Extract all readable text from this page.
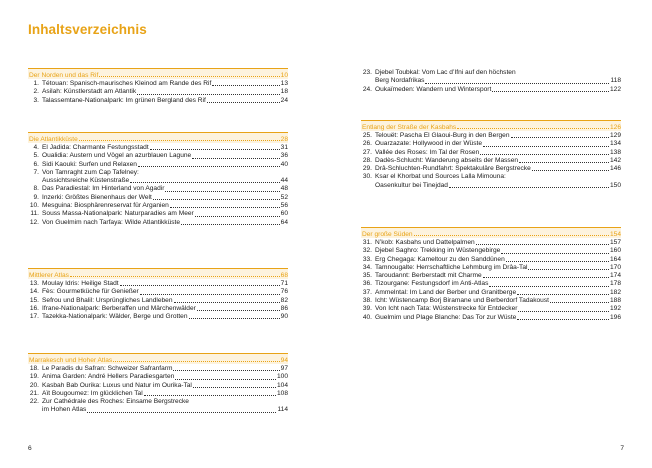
Inhaltsverzeichnis
Der Norden und das Rif	10
1. Tétouan: Spanisch-maurisches Kleinod am Rande des Rif	13
2. Asilah: Künstlerstadt am Atlantik	18
3. Talassemtane-Nationalpark: Im grünen Bergland des Rif	24
Die Atlantikküste	28
4. El Jadida: Charmante Festungsstadt	31
5. Oualidia: Austern und Vögel an azurblauen Lagune	36
6. Sidi Kaouki: Surfen und Relaxen	40
7. Von Tamraght zum Cap Tafelney:
Aussichtsreiche Küstenstraße	44
8. Das Paradiestal: Im Hinterland von Agadir	48
9. Inzerki: Größtes Bienenhaus der Welt	52
10. Mesguina: Biosphärenreservat für Arganien	56
11. Souss Massa-Nationalpark: Naturparadies am Meer	60
12. Von Guelmim nach Tarfaya: Wilde Atlantikküste	64
Mittlerer Atlas	68
13. Moulay Idris: Heilige Stadt	71
14. Fès: Gourmetküche für Genießer	76
15. Sefrou und Bhalil: Ursprüngliches Landleben	82
16. Ifrane-Nationalpark: Berberaffen und Märchenwälder	86
17. Tazekka-Nationalpark: Wälder, Berge und Grotten	90
Marrakesch und Hoher Atlas	94
18. Le Paradis du Safran: Schweizer Safranfarm	97
19. Anima Garden: André Hellers Paradiesgarten	100
20. Kasbah Bab Ourika: Luxus und Natur im Ourika-Tal	104
21. Aït Bougoumez: Im glücklichen Tal	108
22. Zur Cathédrale des Roches: Einsame Bergstrecke
im Hohen Atlas	114
23. Djebel Toubkal: Vom Lac d’Ifni auf den höchsten
Berg Nordafrikas	118
24. Oukaïmeden: Wandern und Wintersport	122
Entlang der Straße der Kasbahs	126
25. Telouët: Pascha El Glaoui-Burg in den Bergen	129
26. Ouarzazate: Hollywood in der Wüste	134
27. Vallée des Roses: Im Tal der Rosen	138
28. Dadès-Schlucht: Wanderung abseits der Massen	142
29. Drâ-Schluchten-Rundfahrt: Spektakuläre Bergstrecke	146
30. Ksar el Khorbat und Sources Lalla Mimouna:
Oasenkultur bei Tinejdad	150
Der große Süden	154
31. N’kob: Kasbahs und Dattelpalmen	157
32. Djebel Saghro: Trekking im Wüstengebirge	160
33. Erg Chegaga: Kameltour zu den Sanddünen	164
34. Tamnougalte: Herrschaftliche Lehmburg im Drâa-Tal	170
35. Taroudannt: Berberstadt mit Charme	174
36. Tizourgane: Festungsdorf im Anti-Atlas	178
37. Ammelntal: Im Land der Berber und Granitberge	182
38. Icht: Wüstencamp Borj Biramane und Berberdorf Tadakoust	188
39. Von Icht nach Tata: Wüstenstrecke für Entdecker	192
40. Guelmim und Plage Blanche: Das Tor zur Wüste	196
6	7
